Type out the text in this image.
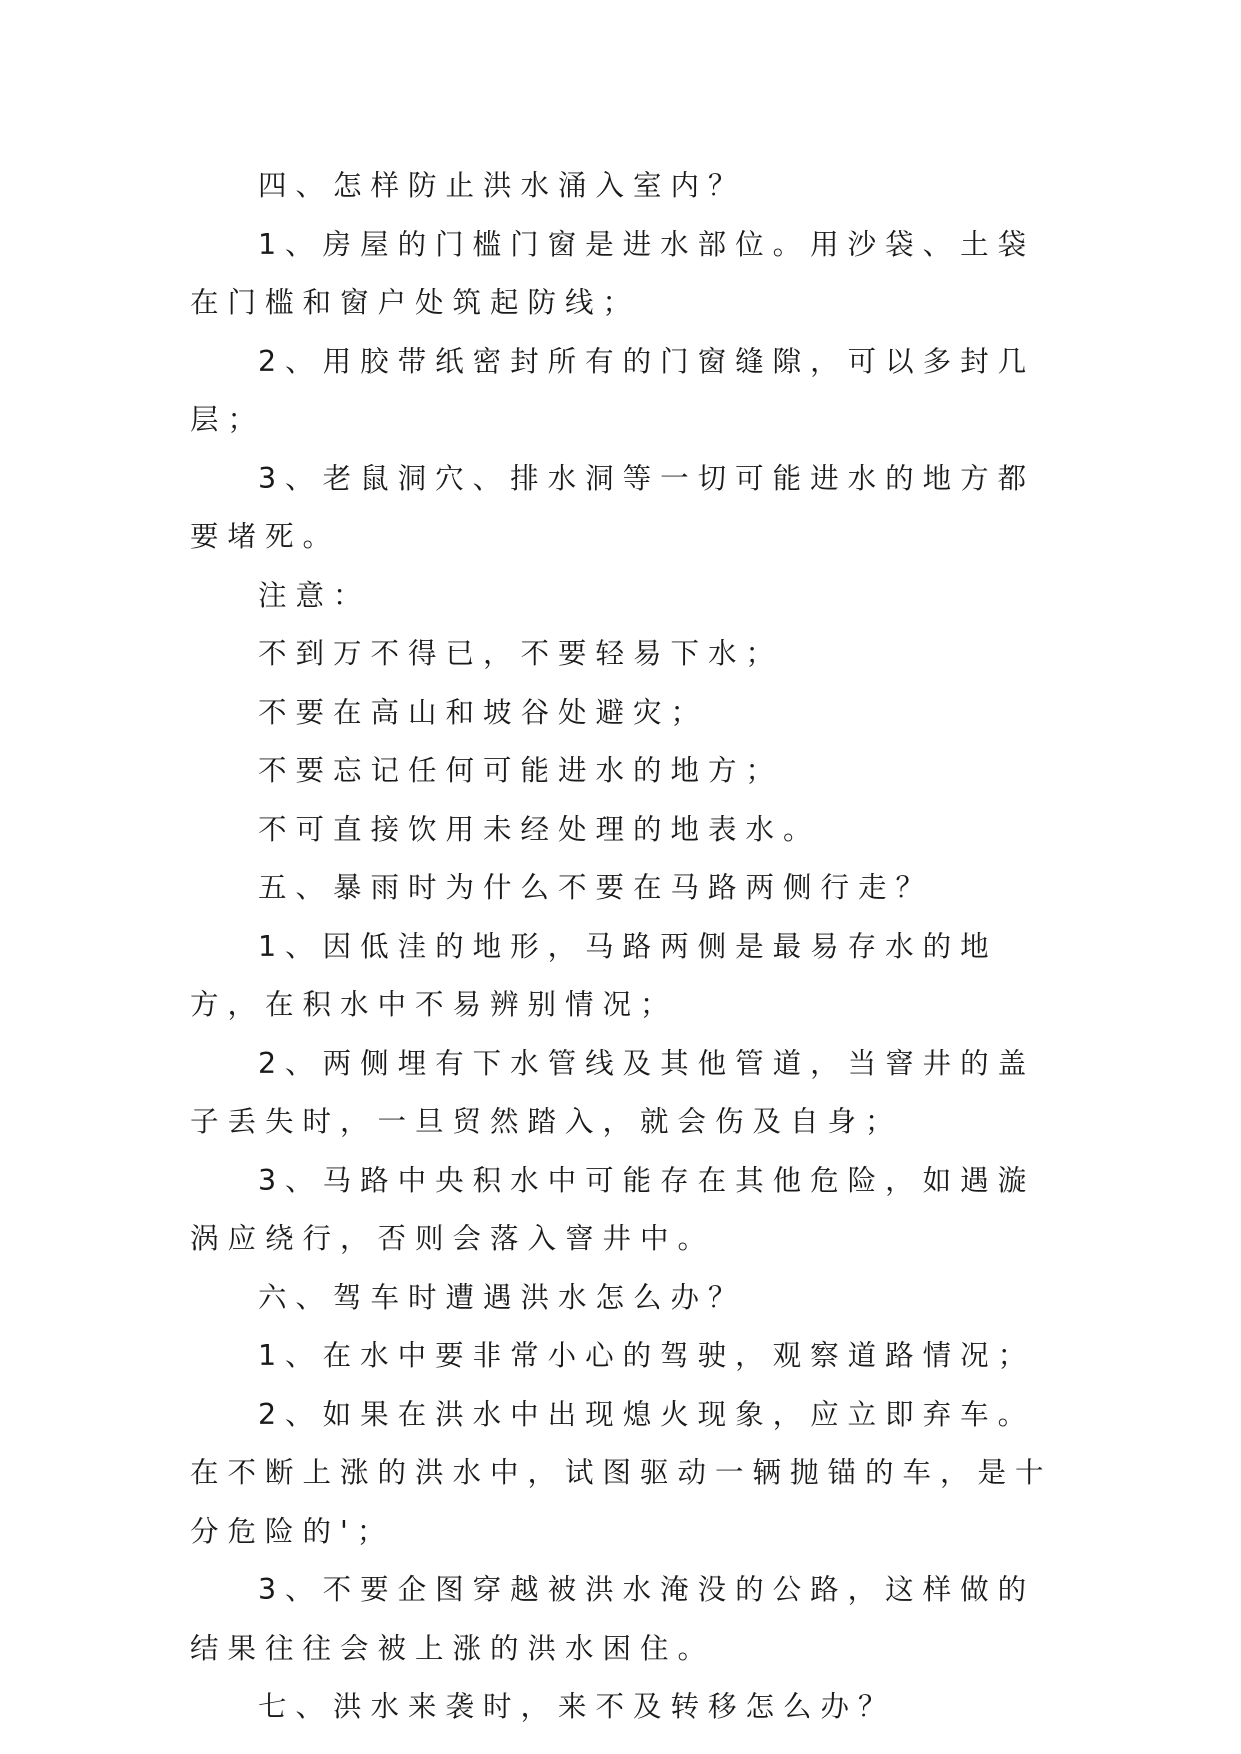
四、怎样防止洪水涌入室内？

1、房屋的门槛门窗是进水部位。用沙袋、土袋在门槛和窗户处筑起防线；

2、用胶带纸密封所有的门窗缝隙，可以多封几层；

3、老鼠洞穴、排水洞等一切可能进水的地方都要堵死。

注意：

不到万不得已，不要轻易下水；

不要在高山和坡谷处避灾；

不要忘记任何可能进水的地方；

不可直接饮用未经处理的地表水。

五、暴雨时为什么不要在马路两侧行走？

1、因低洼的地形，马路两侧是最易存水的地方，在积水中不易辨别情况；

2、两侧埋有下水管线及其他管道，当窨井的盖子丢失时，一旦贸然踏入，就会伤及自身；

3、马路中央积水中可能存在其他危险，如遇漩涡应绕行，否则会落入窨井中。

六、驾车时遭遇洪水怎么办？

1、在水中要非常小心的驾驶，观察道路情况；

2、如果在洪水中出现熄火现象，应立即弃车。在不断上涨的洪水中，试图驱动一辆抛锚的车，是十分危险的'；

3、不要企图穿越被洪水淹没的公路，这样做的结果往往会被上涨的洪水困住。

七、洪水来袭时，来不及转移怎么办？
